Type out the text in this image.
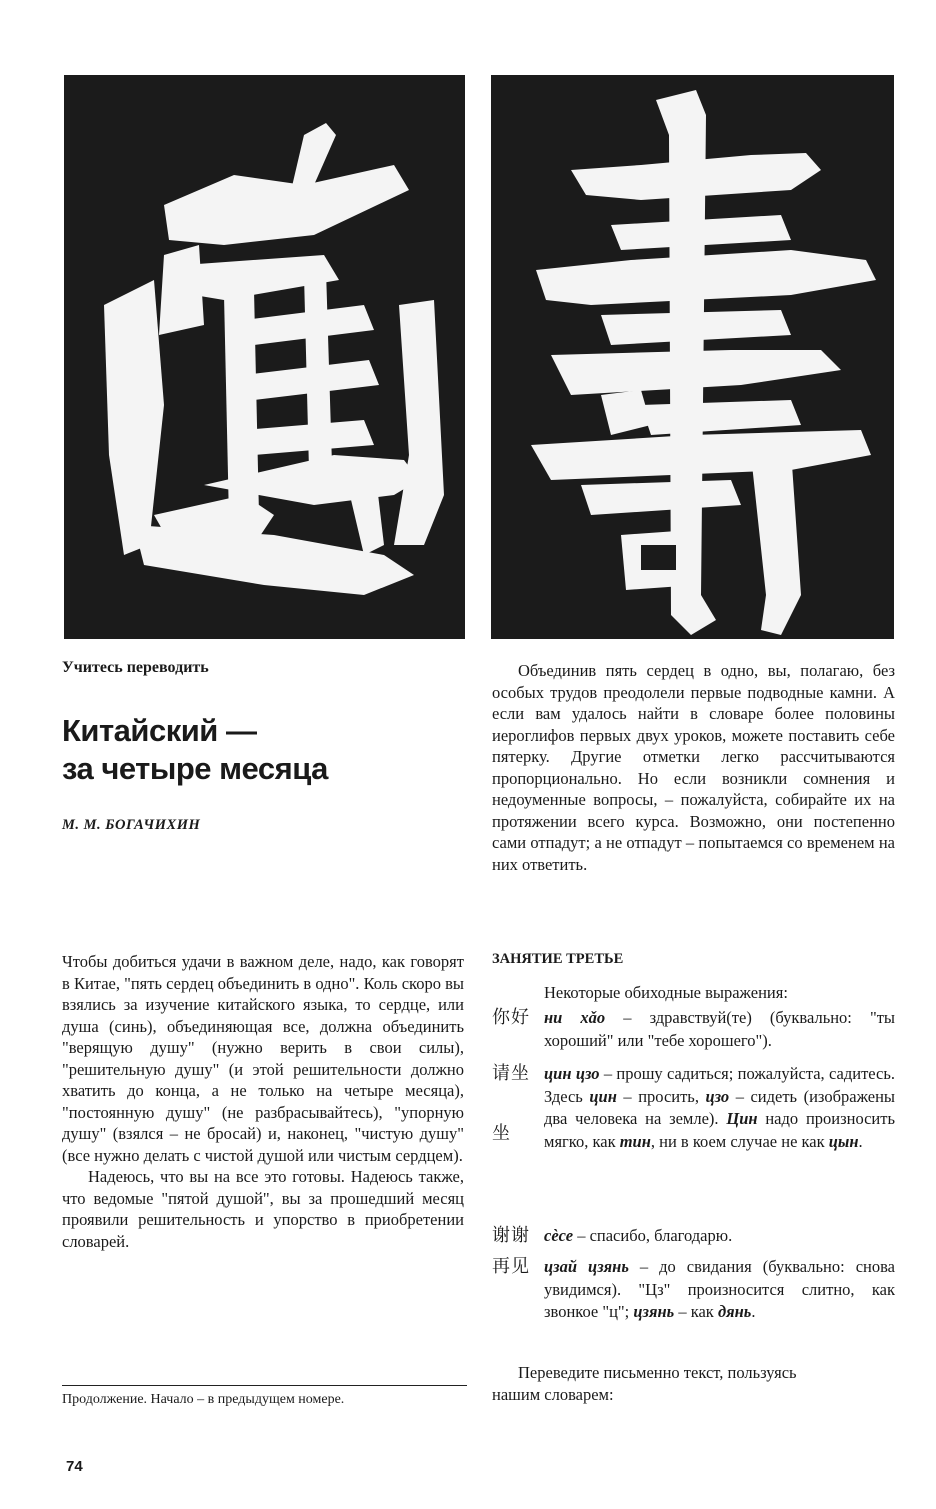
Учитесь переводить
Китайский —
за четыре месяца
М. М. БОГАЧИХИН

Чтобы добиться удачи в важном деле, надо, как говорят в Китае, "пять сердец объединить в одно". Коль скоро вы взялись за изучение китайского языка, то сердце, или душа (синь), объединяющая все, должна объединить "верящую душу" (нужно верить в свои силы), "решительную душу" (и этой решительности должно хватить до конца, а не только на четыре месяца), "постоянную душу" (не разбрасывайтесь), "упорную душу" (взялся – не бросай) и, наконец, "чистую душу" (все нужно делать с чистой душой или чистым сердцем).

Надеюсь, что вы на все это готовы. Надеюсь также, что ведомые "пятой душой", вы за прошедший месяц проявили решительность и упорство в приобретении словарей.

Продолжение. Начало – в предыдущем номере.
74

Объединив пять сердец в одно, вы, полагаю, без особых трудов преодолели первые подводные камни. А если вам удалось найти в словаре более половины иероглифов первых двух уроков, можете поставить себе пятерку. Другие отметки легко рассчитываются пропорционально. Но если возникли сомнения и недоуменные вопросы, – пожалуйста, собирайте их на протяжении всего курса. Возможно, они постепенно сами отпадут; а не отпадут – попытаемся со временем на них ответить.

ЗАНЯТИЕ ТРЕТЬЕ
Некоторые обиходные выражения:
你好 ни хǎо – здравствуй(те) (буквально: "ты хороший" или "тебе хорошего").
请坐 цин цзо – прошу садиться; пожалуйста, садитесь. Здесь цин – просить, цзо – сидеть (изображены два человека на земле). Цин надо произносить мягко, как тин, ни в коем случае не как цын.
坐
谢谢 сèсе – спасибо, благодарю.
再见 цзай цзянь – до свидания (буквально: снова увидимся). "Цз" произносится слитно, как звонкое "ц"; цзянь – как дянь.
Переведите письменно текст, пользуясь
нашим словарем:
